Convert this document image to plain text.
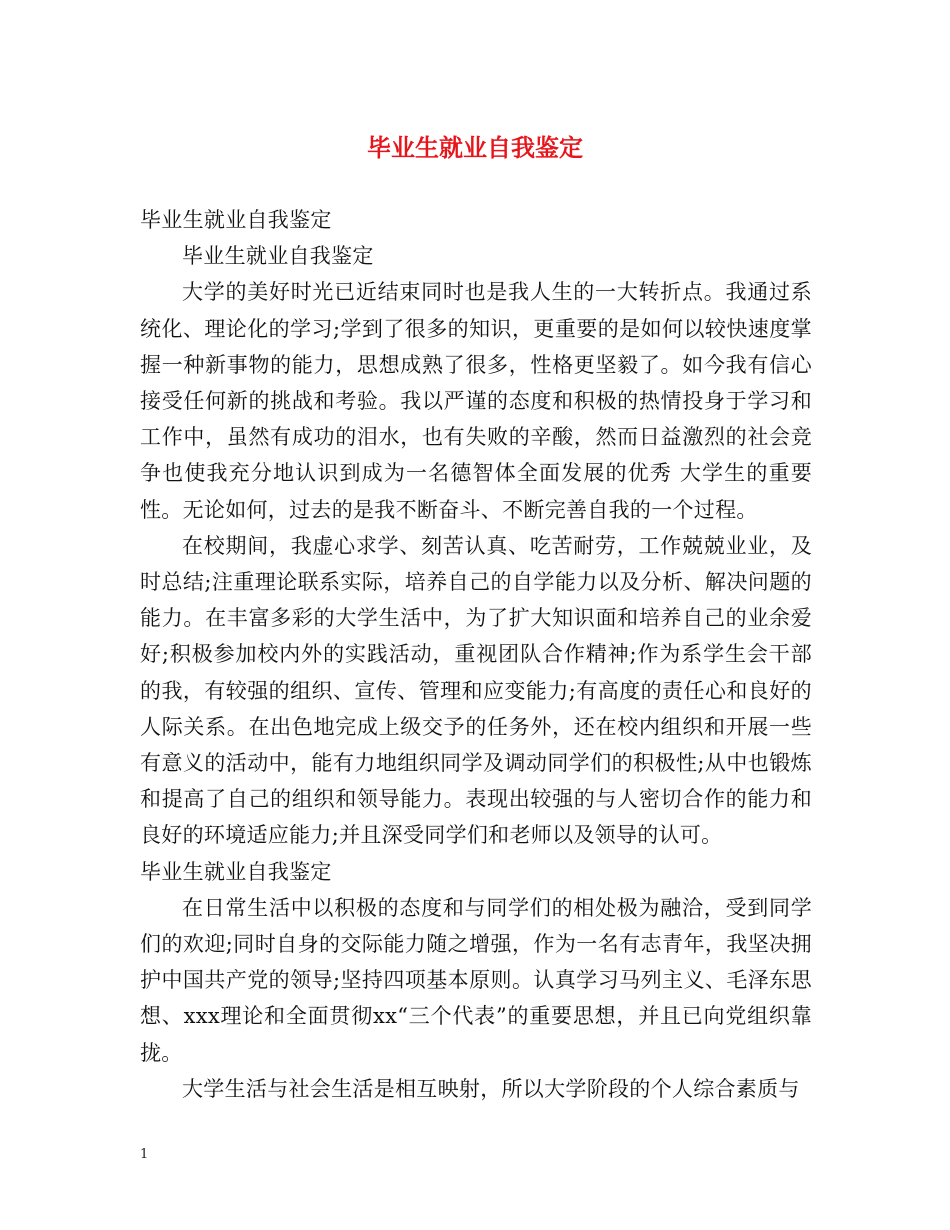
毕业生就业自我鉴定

毕业生就业自我鉴定

毕业生就业自我鉴定

大学的美好时光已近结束同时也是我人生的一大转折点。我通过系统化、理论化的学习;学到了很多的知识，更重要的是如何以较快速度掌握一种新事物的能力，思想成熟了很多，性格更坚毅了。如今我有信心接受任何新的挑战和考验。我以严谨的态度和积极的热情投身于学习和工作中，虽然有成功的泪水，也有失败的辛酸，然而日益激烈的社会竞争也使我充分地认识到成为一名德智体全面发展的优秀 大学生的重要性。无论如何，过去的是我不断奋斗、不断完善自我的一个过程。

在校期间，我虚心求学、刻苦认真、吃苦耐劳，工作兢兢业业，及时总结;注重理论联系实际，培养自己的自学能力以及分析、解决问题的能力。在丰富多彩的大学生活中，为了扩大知识面和培养自己的业余爱好;积极参加校内外的实践活动，重视团队合作精神;作为系学生会干部的我，有较强的组织、宣传、管理和应变能力;有高度的责任心和良好的人际关系。在出色地完成上级交予的任务外，还在校内组织和开展一些有意义的活动中，能有力地组织同学及调动同学们的积极性;从中也锻炼和提高了自己的组织和领导能力。表现出较强的与人密切合作的能力和良好的环境适应能力;并且深受同学们和老师以及领导的认可。

毕业生就业自我鉴定

在日常生活中以积极的态度和与同学们的相处极为融洽，受到同学们的欢迎;同时自身的交际能力随之增强，作为一名有志青年，我坚决拥护中国共产党的领导;坚持四项基本原则。认真学习马列主义、毛泽东思想、xxx理论和全面贯彻xx“三个代表”的重要思想，并且已向党组织靠拢。

大学生活与社会生活是相互映射，所以大学阶段的个人综合素质与

1
